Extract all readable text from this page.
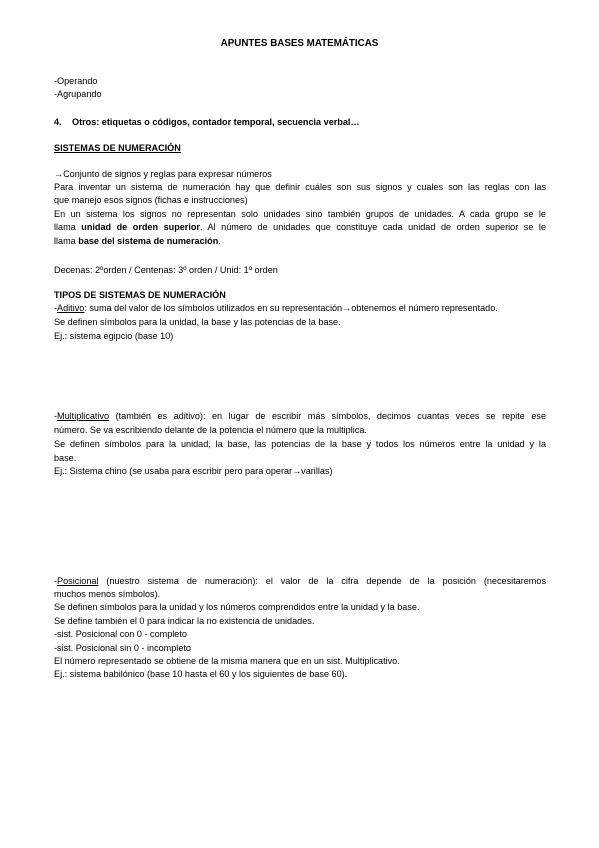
APUNTES BASES MATEMÁTICAS
-Operando
-Agrupando
4. Otros: etiquetas o códigos, contador temporal, secuencia verbal…
SISTEMAS DE NUMERACIÓN
→Conjunto de signos y reglas para expresar números
Para inventar un sistema de numeración hay que definir cuáles son sus signos y cuales son las reglas con las
que manejo esos signos (fichas e instrucciones)
En un sistema los signos no representan solo unidades sino también grupos de unidades. A cada grupo se le
llama unidad de orden superior. Al número de unidades que constituye cada unidad de orden superior se le
llama base del sistema de numeración.
Decenas: 2ºorden / Centenas: 3º orden / Unid: 1º orden
TIPOS DE SISTEMAS DE NUMERACIÓN
-Aditivo: suma del valor de los símbolos utilizados en su representación→obtenemos el número representado.
Se definen símbolos para la unidad, la base y las potencias de la base.
Ej.: sistema egipcio (base 10)
-Multiplicativo (también es aditivo): en lugar de escribir más símbolos, decimos cuantas veces se repite ese
número. Se va escribiendo delante de la potencia el número que la multiplica.
Se definen símbolos para la unidad, la base, las potencias de la base y todos los números entre la unidad y la
base.
Ej.: Sistema chino (se usaba para escribir pero para operar→varillas)
-Posicional (nuestro sistema de numeración): el valor de la cifra depende de la posición (necesitaremos
muchos menos símbolos).
Se definen símbolos para la unidad y los números comprendidos entre la unidad y la base.
Se define también el 0 para indicar la no existencia de unidades.
-sist. Posicional con 0 - completo
-sist. Posicional sin 0 - incompleto
El número representado se obtiene de la misma manera que en un sist. Multiplicativo.
Ej.: sistema babilónico (base 10 hasta el 60 y los siguientes de base 60).
